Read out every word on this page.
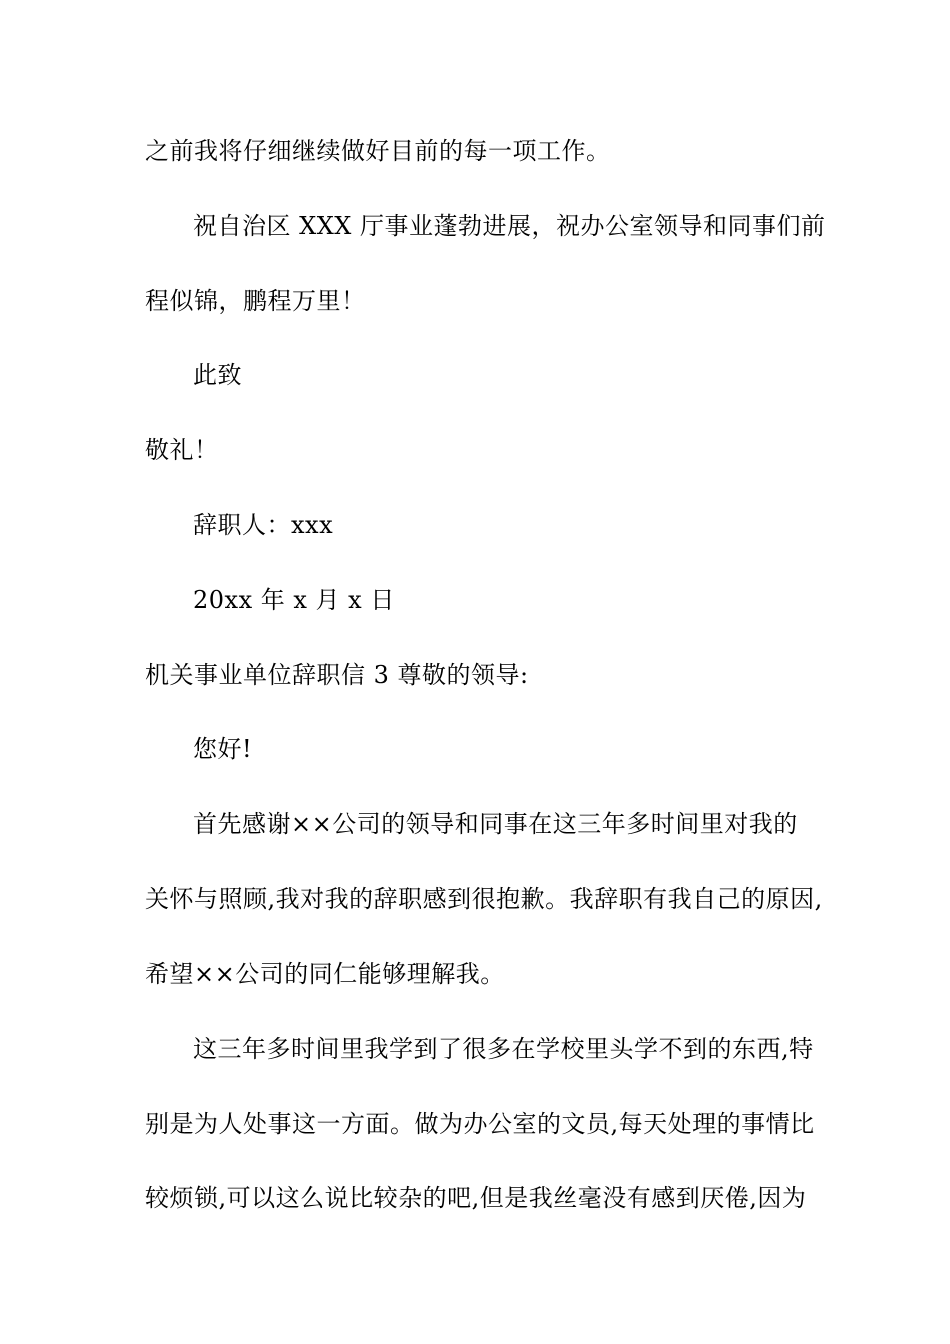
之前我将仔细继续做好目前的每一项工作。
祝自治区 XXX 厅事业蓬勃进展，祝办公室领导和同事们前
程似锦，鹏程万里！
此致
敬礼！
辞职人：xxx
20xx 年 x 月 x 日
机关事业单位辞职信 3 尊敬的领导:
您好!
首先感谢××公司的领导和同事在这三年多时间里对我的
关怀与照顾,我对我的辞职感到很抱歉。我辞职有我自己的原因,
希望××公司的同仁能够理解我。
这三年多时间里我学到了很多在学校里头学不到的东西,特
别是为人处事这一方面。做为办公室的文员,每天处理的事情比
较烦锁,可以这么说比较杂的吧,但是我丝毫没有感到厌倦,因为
